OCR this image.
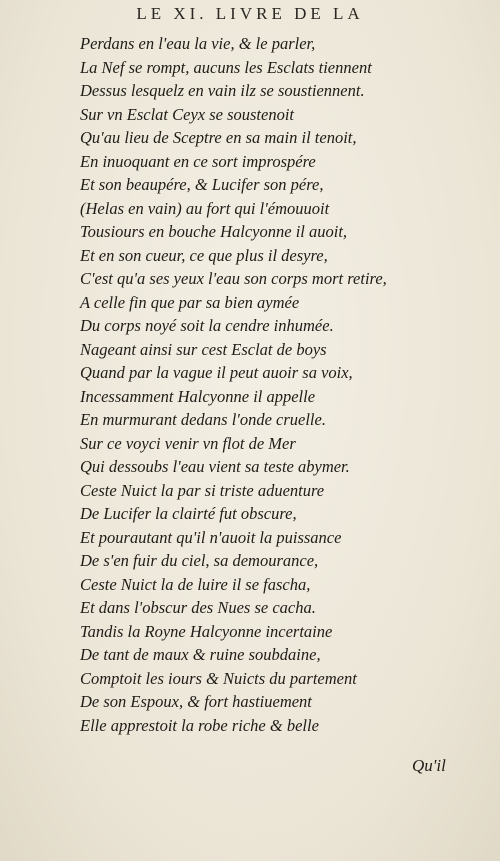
LE XI. LIVRE DE LA
Perdans en l'eau la vie, & le parler,
La Nef se rompt, aucuns les Esclats tiennent
Dessus lesquelz en vain ilz se soustiennent.
Sur vn Esclat Ceyx se soustenoit
Qu'au lieu de Sceptre en sa main il tenoit,
En inuoquant en ce sort improspére
Et son beaupére, & Lucifer son pére,
(Helas en vain) au fort qui l'émouuoit
Tousiours en bouche Halcyonne il auoit,
Et en son cueur, ce que plus il desyre,
C'est qu'a ses yeux l'eau son corps mort retire,
A celle fin que par sa bien aymée
Du corps noyé soit la cendre inhumée.
Nageant ainsi sur cest Esclat de boys
Quand par la vague il peut auoir sa voix,
Incessamment Halcyonne il appelle
En murmurant dedans l'onde cruelle.
Sur ce voyci venir vn flot de Mer
Qui dessoubs l'eau vient sa teste abymer.
Ceste Nuict la par si triste aduenture
De Lucifer la clairté fut obscure,
Et pourautant qu'il n'auoit la puissance
De s'en fuir du ciel, sa demourance,
Ceste Nuict la de luire il se fascha,
Et dans l'obscur des Nues se cacha.
Tandis la Royne Halcyonne incertaine
De tant de maux & ruine soubdaine,
Comptoit les iours & Nuicts du partement
De son Espoux, & fort hastiuement
Elle apprestoit la robe riche & belle
Qu'il
